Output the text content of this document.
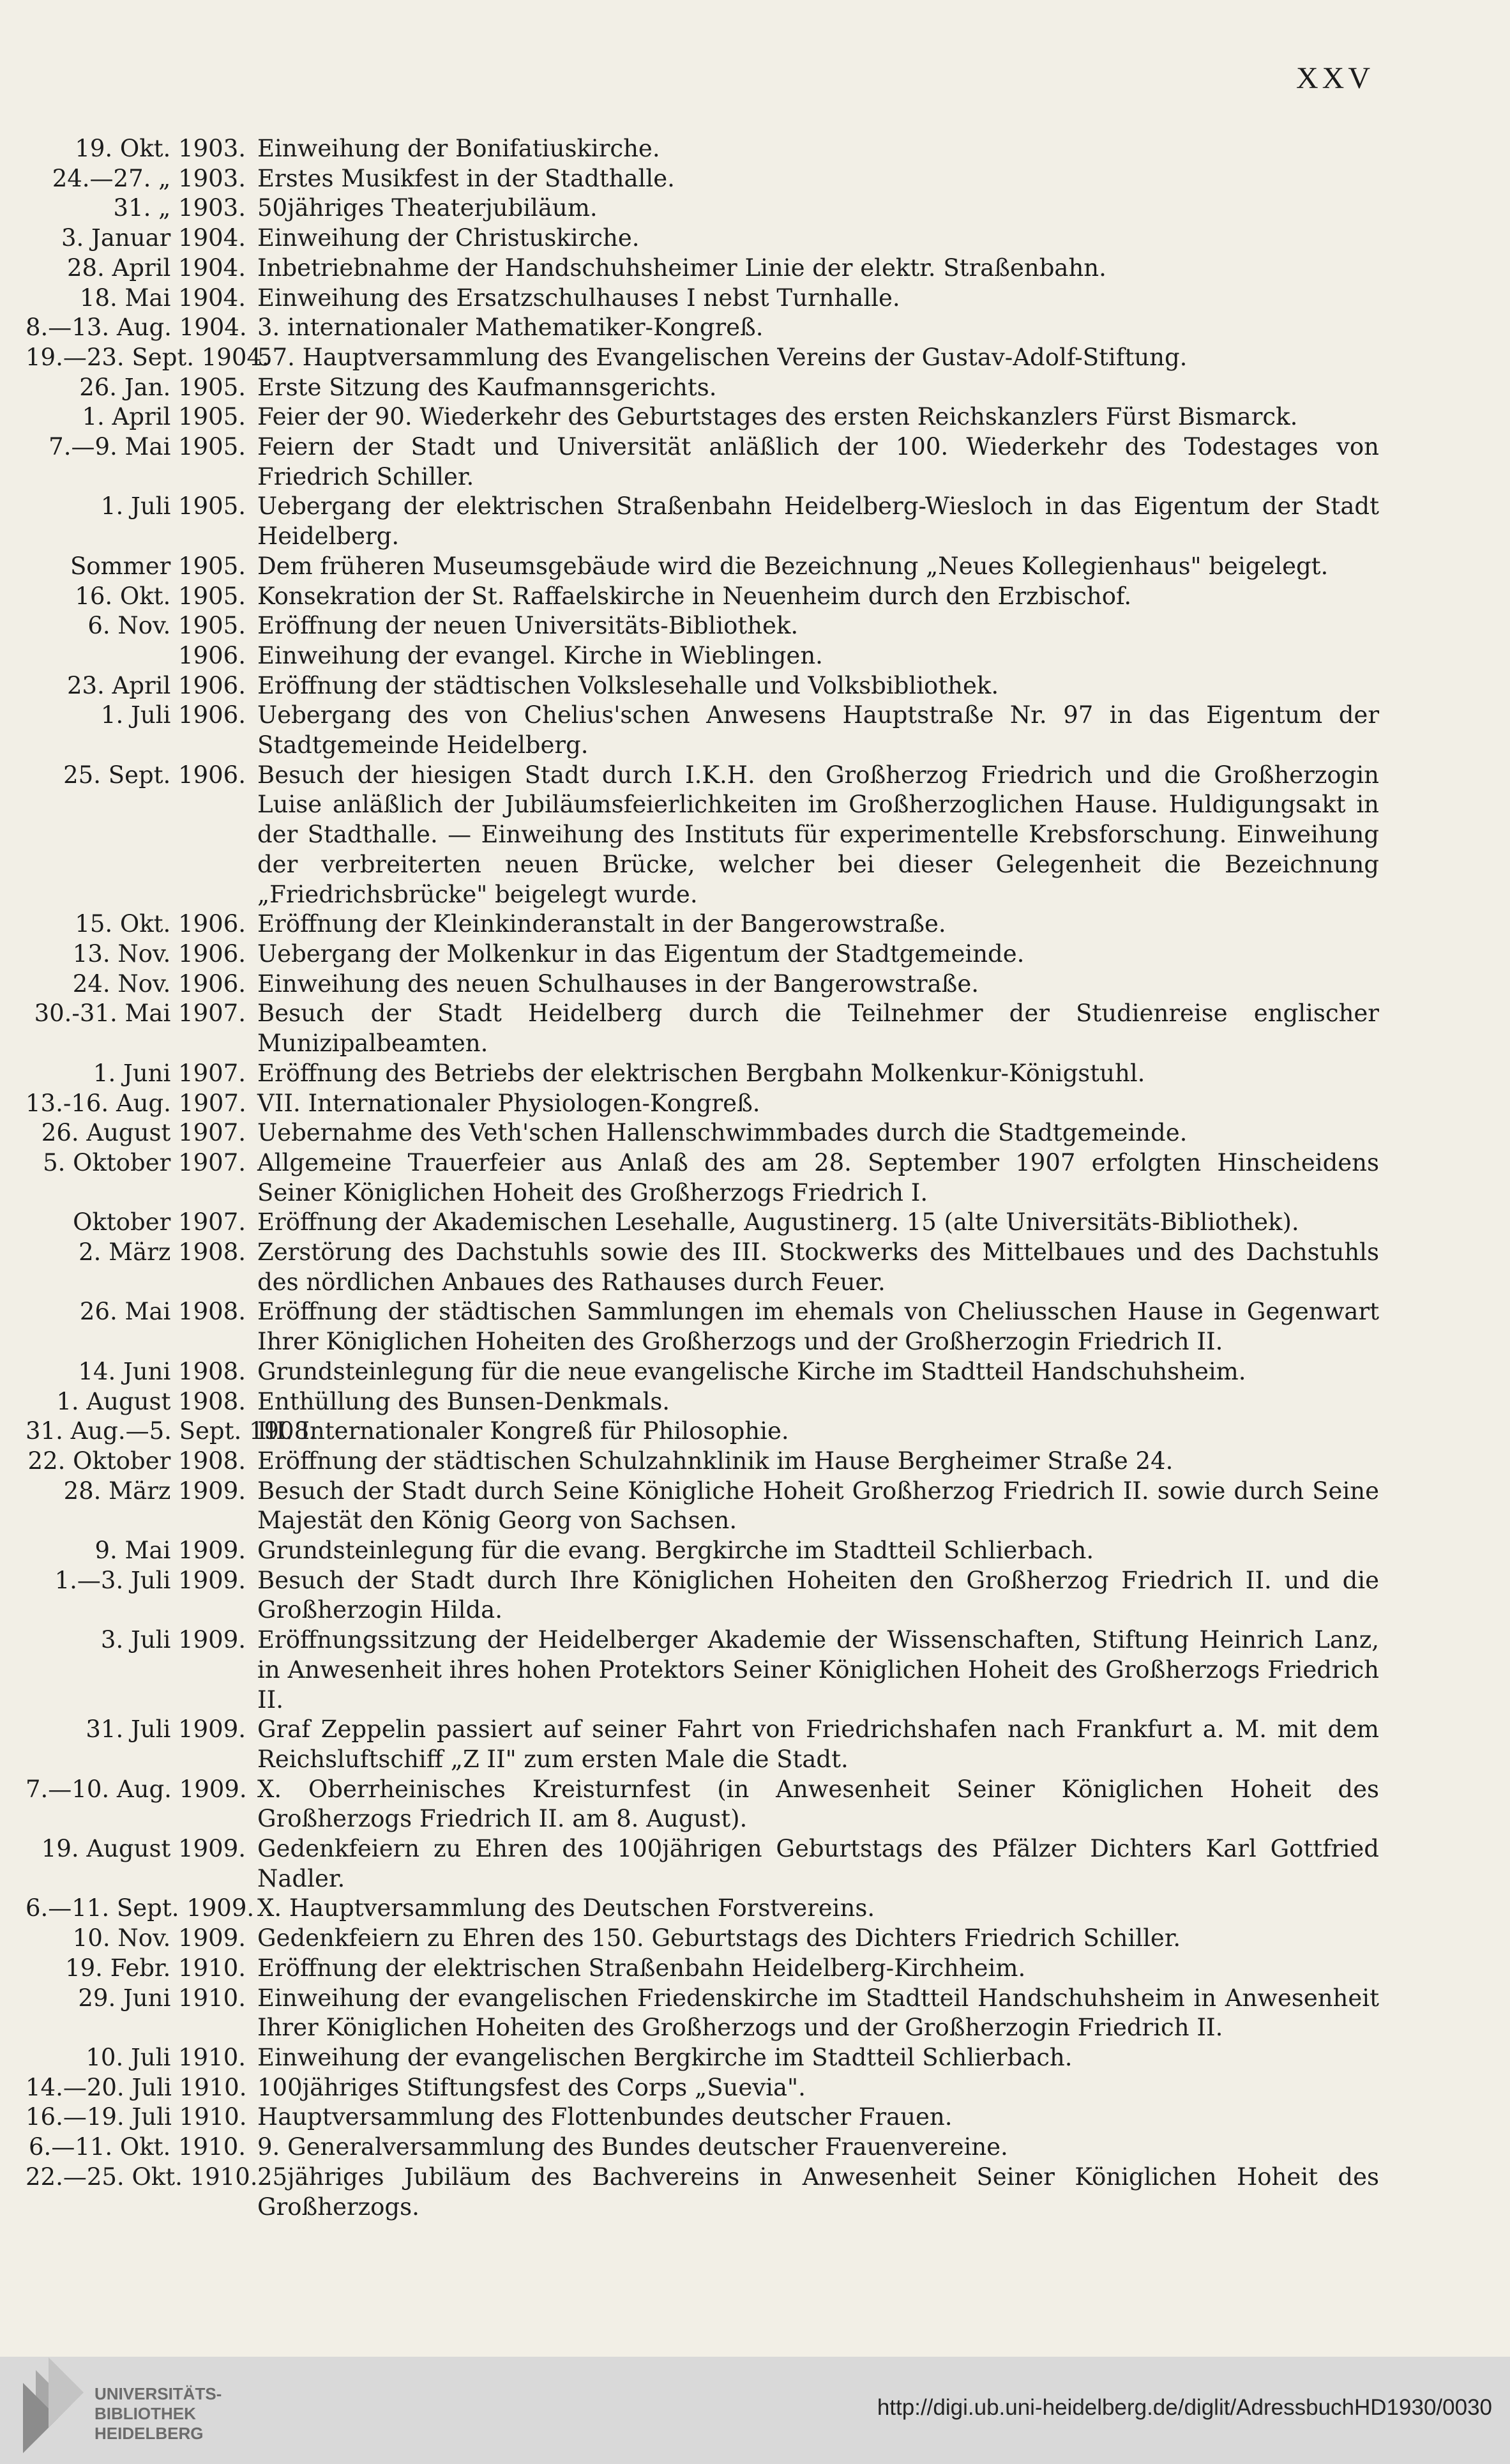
XXV
19. Okt. 1903. Einweihung der Bonifatiuskirche.
24.—27. „ 1903. Erstes Musikfest in der Stadthalle.
31. „ 1903. 50jähriges Theaterjubiläum.
3. Januar 1904. Einweihung der Christuskirche.
28. April 1904. Inbetriebnahme der Handschuhsheimer Linie der elektr. Straßenbahn.
18. Mai 1904. Einweihung des Ersatzschulhauses I nebst Turnhalle.
8.—13. Aug. 1904. 3. internationaler Mathematiker-Kongreß.
19.—23. Sept. 1904.
57. Hauptversammlung des Evangelischen Vereins der Gustav-Adolf-Stiftung.
26. Jan. 1905. Erste Sitzung des Kaufmannsgerichts.
1. April 1905. Feier der 90. Wiederkehr des Geburtstages des ersten Reichskanzlers Fürst Bismarck.
7.—9. Mai 1905. Feiern der Stadt und Universität anläßlich der 100. Wiederkehr des Todestages von Friedrich Schiller.
1. Juli 1905. Uebergang der elektrischen Straßenbahn Heidelberg-Wiesloch in das Eigentum der Stadt Heidelberg.
Sommer 1905. Dem früheren Museumsgebäude wird die Bezeichnung „Neues Kollegienhaus" beigelegt.
16. Okt. 1905. Konsekration der St. Raffaelskirche in Neuenheim durch den Erzbischof.
6. Nov. 1905. Eröffnung der neuen Universitäts-Bibliothek.
1906. Einweihung der evangel. Kirche in Wieblingen.
23. April 1906. Eröffnung der städtischen Volkslesehalle und Volksbibliothek.
1. Juli 1906. Uebergang des von Chelius'schen Anwesens Hauptstraße Nr. 97 in das Eigentum der Stadtgemeinde Heidelberg.
25. Sept. 1906. Besuch der hiesigen Stadt durch I.K.H. den Großherzog Friedrich und die Großherzogin Luise anläßlich der Jubiläumsfeierlichkeiten im Großherzoglichen Hause. Huldigungsakt in der Stadthalle. — Einweihung des Instituts für experimentelle Krebsforschung. Einweihung der verbreiterten neuen Brücke, welcher bei dieser Gelegenheit die Bezeichnung „Friedrichsbrücke" beigelegt wurde.
15. Okt. 1906. Eröffnung der Kleinkinderanstalt in der Bangerowstraße.
13. Nov. 1906. Uebergang der Molkenkur in das Eigentum der Stadtgemeinde.
24. Nov. 1906. Einweihung des neuen Schulhauses in der Bangerowstraße.
30.-31. Mai 1907. Besuch der Stadt Heidelberg durch die Teilnehmer der Studienreise englischer Munizipalbeamten.
1. Juni 1907. Eröffnung des Betriebs der elektrischen Bergbahn Molkenkur-Königstuhl.
13.-16. Aug. 1907. VII. Internationaler Physiologen-Kongreß.
26. August 1907. Uebernahme des Veth'schen Hallenschwimmbades durch die Stadtgemeinde.
5. Oktober 1907. Allgemeine Trauerfeier aus Anlaß des am 28. September 1907 erfolgten Hinscheidens Seiner Königlichen Hoheit des Großherzogs Friedrich I.
Oktober 1907. Eröffnung der Akademischen Lesehalle, Augustinerg. 15 (alte Universitäts-Bibliothek).
2. März 1908. Zerstörung des Dachstuhls sowie des III. Stockwerks des Mittelbaues und des Dachstuhls des nördlichen Anbaues des Rathauses durch Feuer.
26. Mai 1908. Eröffnung der städtischen Sammlungen im ehemals von Cheliusschen Hause in Gegenwart Ihrer Königlichen Hoheiten des Großherzogs und der Großherzogin Friedrich II.
14. Juni 1908. Grundsteinlegung für die neue evangelische Kirche im Stadtteil Handschuhsheim.
1. August 1908. Enthüllung des Bunsen-Denkmals.
31. Aug.—5. Sept. 1908.
III. Internationaler Kongreß für Philosophie.
22. Oktober 1908. Eröffnung der städtischen Schulzahnklinik im Hause Bergheimer Straße 24.
28. März 1909. Besuch der Stadt durch Seine Königliche Hoheit Großherzog Friedrich II. sowie durch Seine Majestät den König Georg von Sachsen.
9. Mai 1909. Grundsteinlegung für die evang. Bergkirche im Stadtteil Schlierbach.
1.—3. Juli 1909. Besuch der Stadt durch Ihre Königlichen Hoheiten den Großherzog Friedrich II. und die Großherzogin Hilda.
3. Juli 1909. Eröffnungssitzung der Heidelberger Akademie der Wissenschaften, Stiftung Heinrich Lanz, in Anwesenheit ihres hohen Protektors Seiner Königlichen Hoheit des Großherzogs Friedrich II.
31. Juli 1909. Graf Zeppelin passiert auf seiner Fahrt von Friedrichshafen nach Frankfurt a. M. mit dem Reichsluftschiff „Z II" zum ersten Male die Stadt.
7.—10. Aug. 1909. X. Oberrheinisches Kreisturnfest (in Anwesenheit Seiner Königlichen Hoheit des Großherzogs Friedrich II. am 8. August).
19. August 1909. Gedenkfeiern zu Ehren des 100jährigen Geburtstags des Pfälzer Dichters Karl Gottfried Nadler.
6.—11. Sept. 1909. X. Hauptversammlung des Deutschen Forstvereins.
10. Nov. 1909. Gedenkfeiern zu Ehren des 150. Geburtstags des Dichters Friedrich Schiller.
19. Febr. 1910. Eröffnung der elektrischen Straßenbahn Heidelberg-Kirchheim.
29. Juni 1910. Einweihung der evangelischen Friedenskirche im Stadtteil Handschuhsheim in Anwesenheit Ihrer Königlichen Hoheiten des Großherzogs und der Großherzogin Friedrich II.
10. Juli 1910. Einweihung der evangelischen Bergkirche im Stadtteil Schlierbach.
14.—20. Juli 1910. 100jähriges Stiftungsfest des Corps „Suevia".
16.—19. Juli 1910. Hauptversammlung des Flottenbundes deutscher Frauen.
6.—11. Okt. 1910. 9. Generalversammlung des Bundes deutscher Frauenvereine.
22.—25. Okt. 1910. 25jähriges Jubiläum des Bachvereins in Anwesenheit Seiner Königlichen Hoheit des Großherzogs.
UNIVERSITÄTS-
BIBLIOTHEK
HEIDELBERG
http://digi.ub.uni-heidelberg.de/diglit/AdressbuchHD1930/0030
